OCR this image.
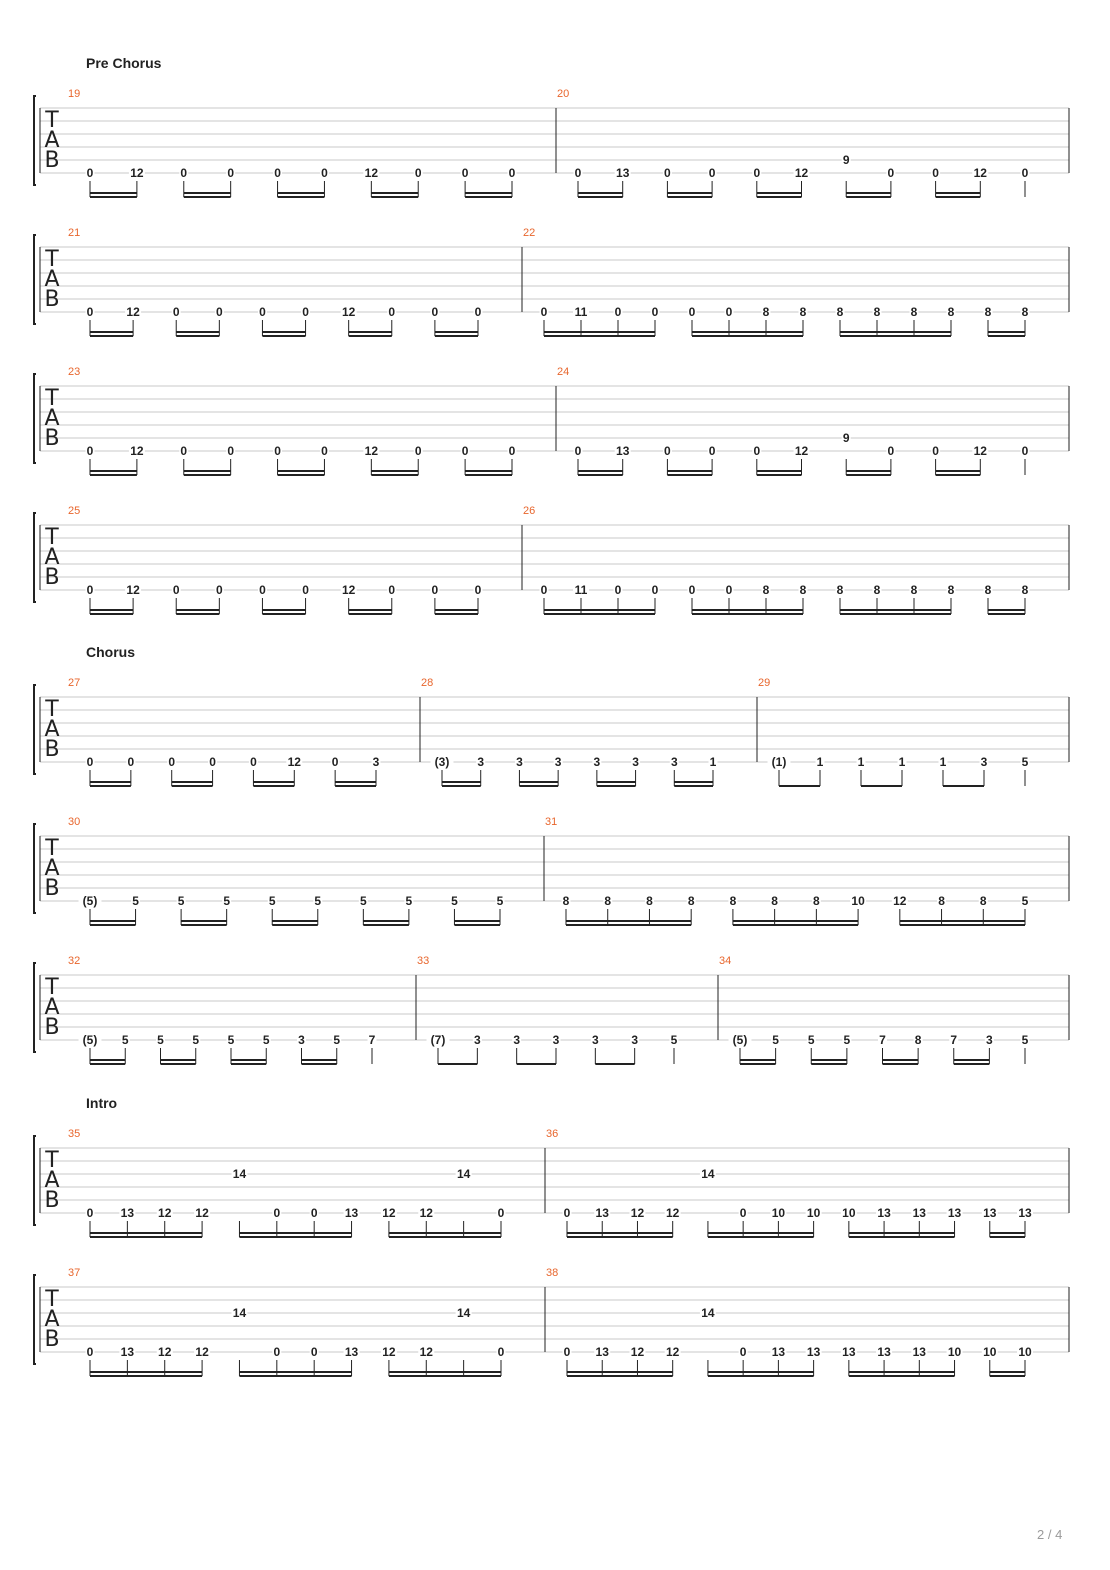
T
A
B
19
0	12	0	0	0	0	12	0	0	0
20
0	13	0	0	0	12
9
0	0	12	0
T
A
B
21
0	12	0	0	0	0	12	0	0	0
22
0 11 0	0	0	0	8	8	8	8	8	8	8	8
T
A
B
23
0	12	0	0	0	0	12	0	0	0
24
0	13	0	0	0	12
9
0	0	12	0
T
A
B
25
0	12	0	0	0	0	12	0	0	0
26
0 11 0	0	0	0	8	8	8	8	8	8	8	8
T
A
B
27
0	0	0	0	0	12	0	3
28
(3) 3	3	3	3	3	3	1
29
(1)	1	1	1	1	3	5
T
A
B
30
(5)	5	5	5	5	5	5	5	5	5
31
8	8	8	8	8	8	8	10 12	8	8	5
T
A
B
32
(5) 5 5 5 5 5 3 5 7
33
(7) 3	3	3	3	3	5
34
(5) 5 5 5 7 8 7 3 5
T
A
B
35
0 13 12 12
14
0	0 13 12 12
14
0
36
0 13 12 12
14
0 10 10 10 13 13 13 13 13
T
A
B
37
0 13 12 12
14
0	0 13 12 12
14
0
38
0 13 12 12
14
0 13 13 13 13 13 10 10 10
2 / 4
Pre Chorus
Chorus
Intro
